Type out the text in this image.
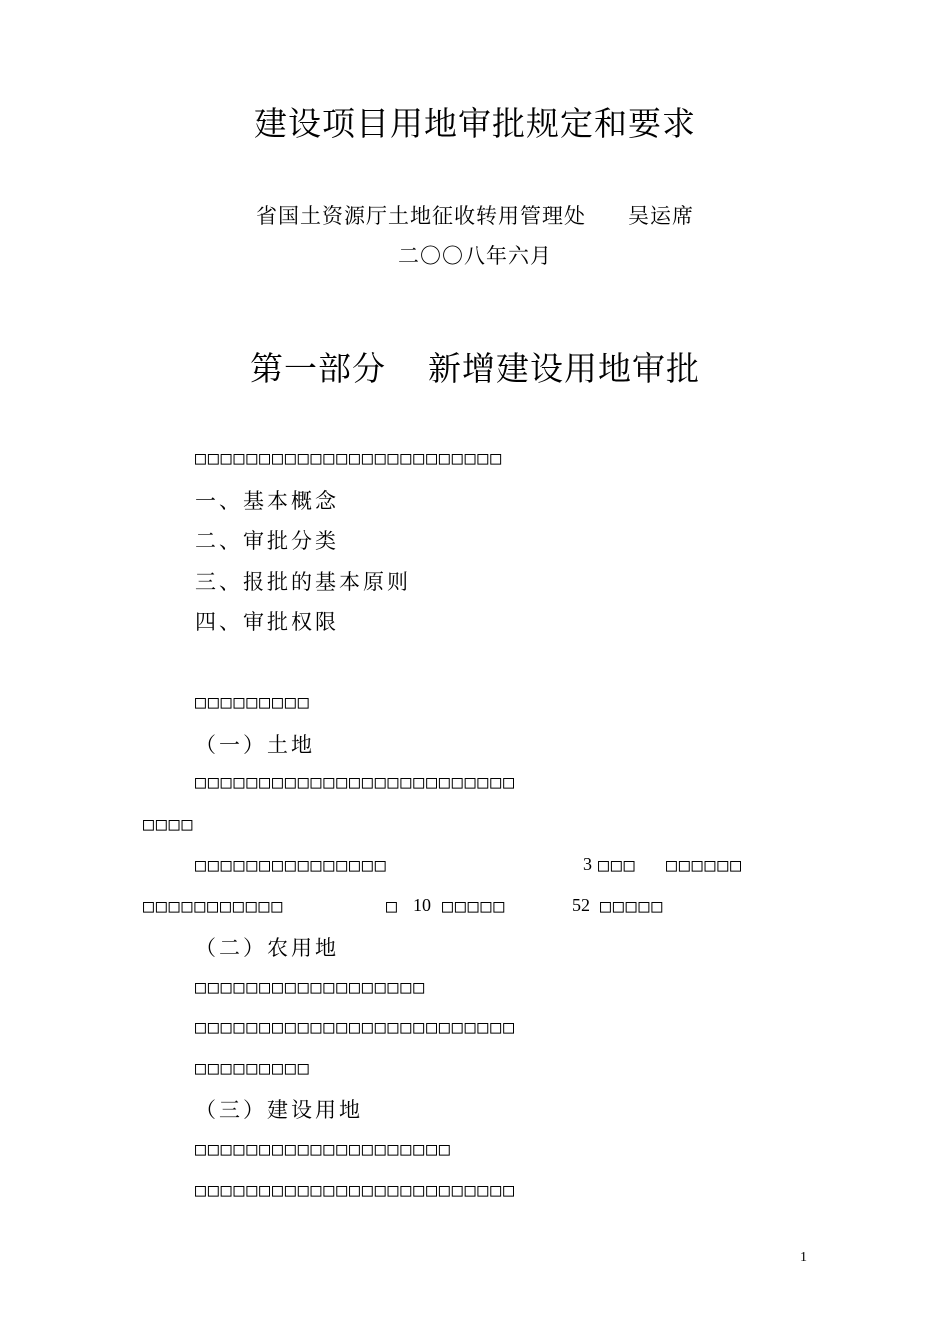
建设项目用地审批规定和要求
省国土资源厅土地征收转用管理处 吴运席
二〇〇八年六月
第一部分 新增建设用地审批
□□□□□□□□□□□□□□□□□□□□□□□□
一、基本概念
二、审批分类
三、报批的基本原则
四、审批权限
□□□□□□□□□
（一）土地
□□□□□□□□□□□□□□□□□□□□□□□□□
□□□□
□□□□□□□□□□□□□□□	3 □□□ □□□□□□
□□□□□□□□□□□	□ 10 □□□□□	52 □□□□□
（二）农用地
□□□□□□□□□□□□□□□□□□
□□□□□□□□□□□□□□□□□□□□□□□□□
□□□□□□□□□
（三）建设用地
□□□□□□□□□□□□□□□□□□□□
□□□□□□□□□□□□□□□□□□□□□□□□□
1
